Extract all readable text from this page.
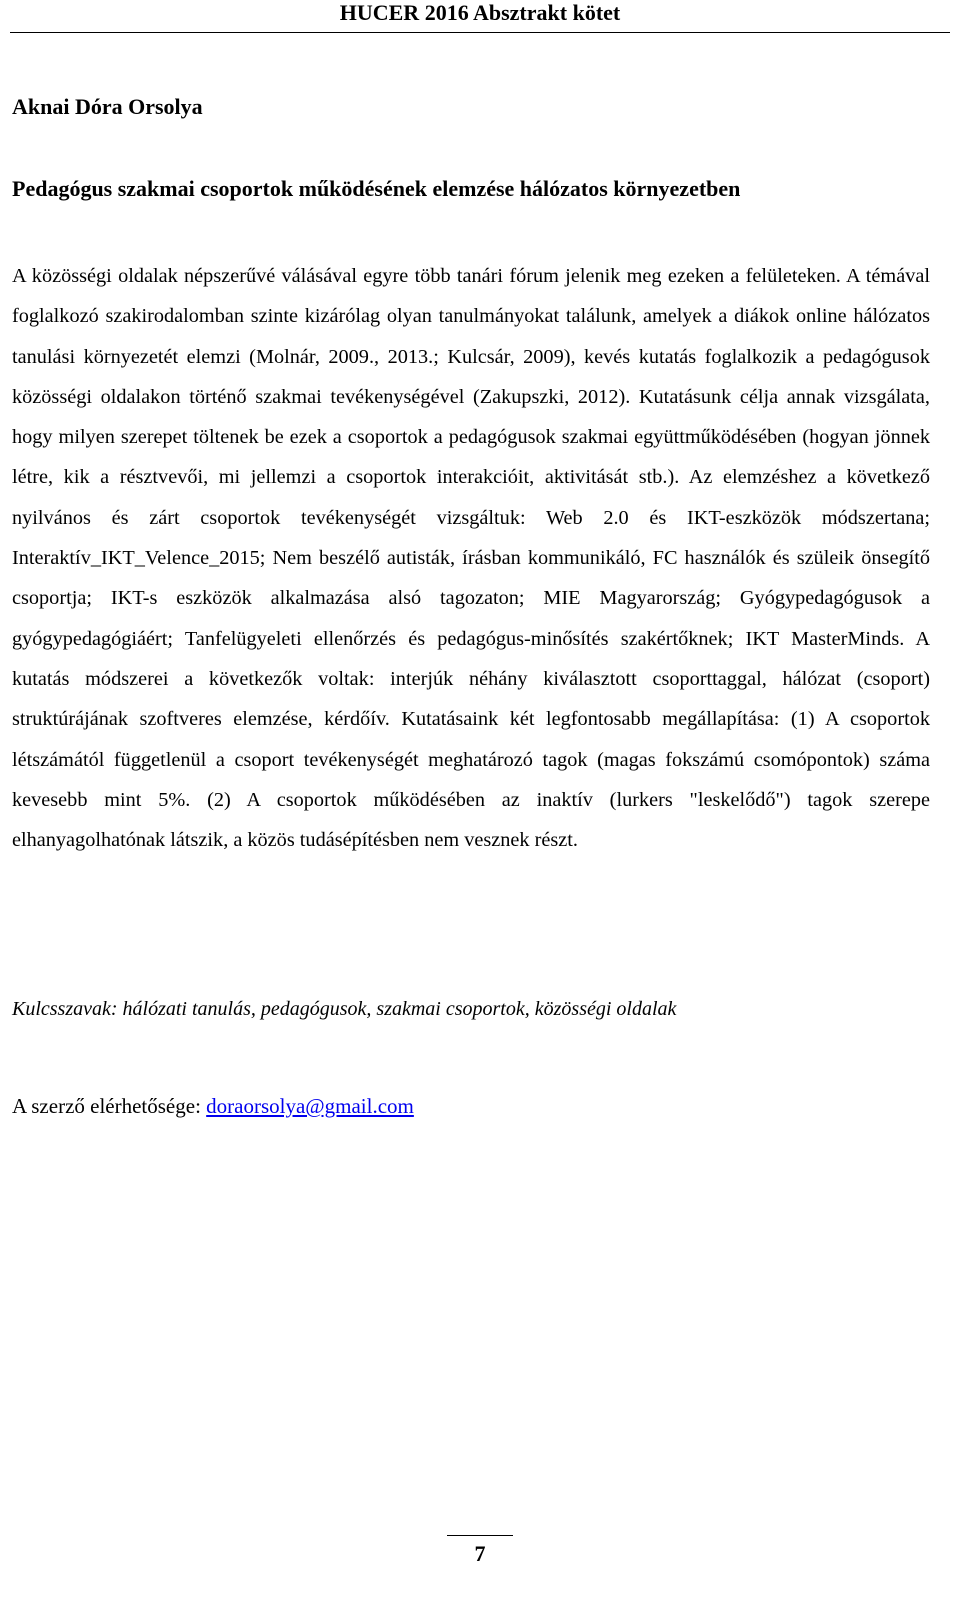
HUCER 2016 Absztrakt kötet
Aknai Dóra Orsolya
Pedagógus szakmai csoportok működésének elemzése hálózatos környezetben

A közösségi oldalak népszerűvé válásával egyre több tanári fórum jelenik meg ezeken a felületeken. A témával foglalkozó szakirodalomban szinte kizárólag olyan tanulmányokat találunk, amelyek a diákok online hálózatos tanulási környezetét elemzi (Molnár, 2009., 2013.; Kulcsár, 2009), kevés kutatás foglalkozik a pedagógusok közösségi oldalakon történő szakmai tevékenységével (Zakupszki, 2012). Kutatásunk célja annak vizsgálata, hogy milyen szerepet töltenek be ezek a csoportok a pedagógusok szakmai együttműködésében (hogyan jönnek létre, kik a résztvevői, mi jellemzi a csoportok interakcióit, aktivitását stb.). Az elemzéshez a következő nyilvános és zárt csoportok tevékenységét vizsgáltuk: Web 2.0 és IKT-eszközök módszertana; Interaktív_IKT_Velence_2015; Nem beszélő autisták, írásban kommunikáló, FC használók és szüleik önsegítő csoportja; IKT-s eszközök alkalmazása alsó tagozaton; MIE Magyarország; Gyógypedagógusok a gyógypedagógiáért; Tanfelügyeleti ellenőrzés és pedagógus-minősítés szakértőknek; IKT MasterMinds. A kutatás módszerei a következők voltak: interjúk néhány kiválasztott csoporttaggal, hálózat (csoport) struktúrájának szoftveres elemzése, kérdőív. Kutatásaink két legfontosabb megállapítása: (1) A csoportok létszámától függetlenül a csoport tevékenységét meghatározó tagok (magas fokszámú csomópontok) száma kevesebb mint 5%. (2) A csoportok működésében az inaktív (lurkers "leskelődő") tagok szerepe elhanyagolhatónak látszik, a közös tudásépítésben nem vesznek részt.

Kulcsszavak: hálózati tanulás, pedagógusok, szakmai csoportok, közösségi oldalak

A szerző elérhetősége: doraorsolya@gmail.com

7
